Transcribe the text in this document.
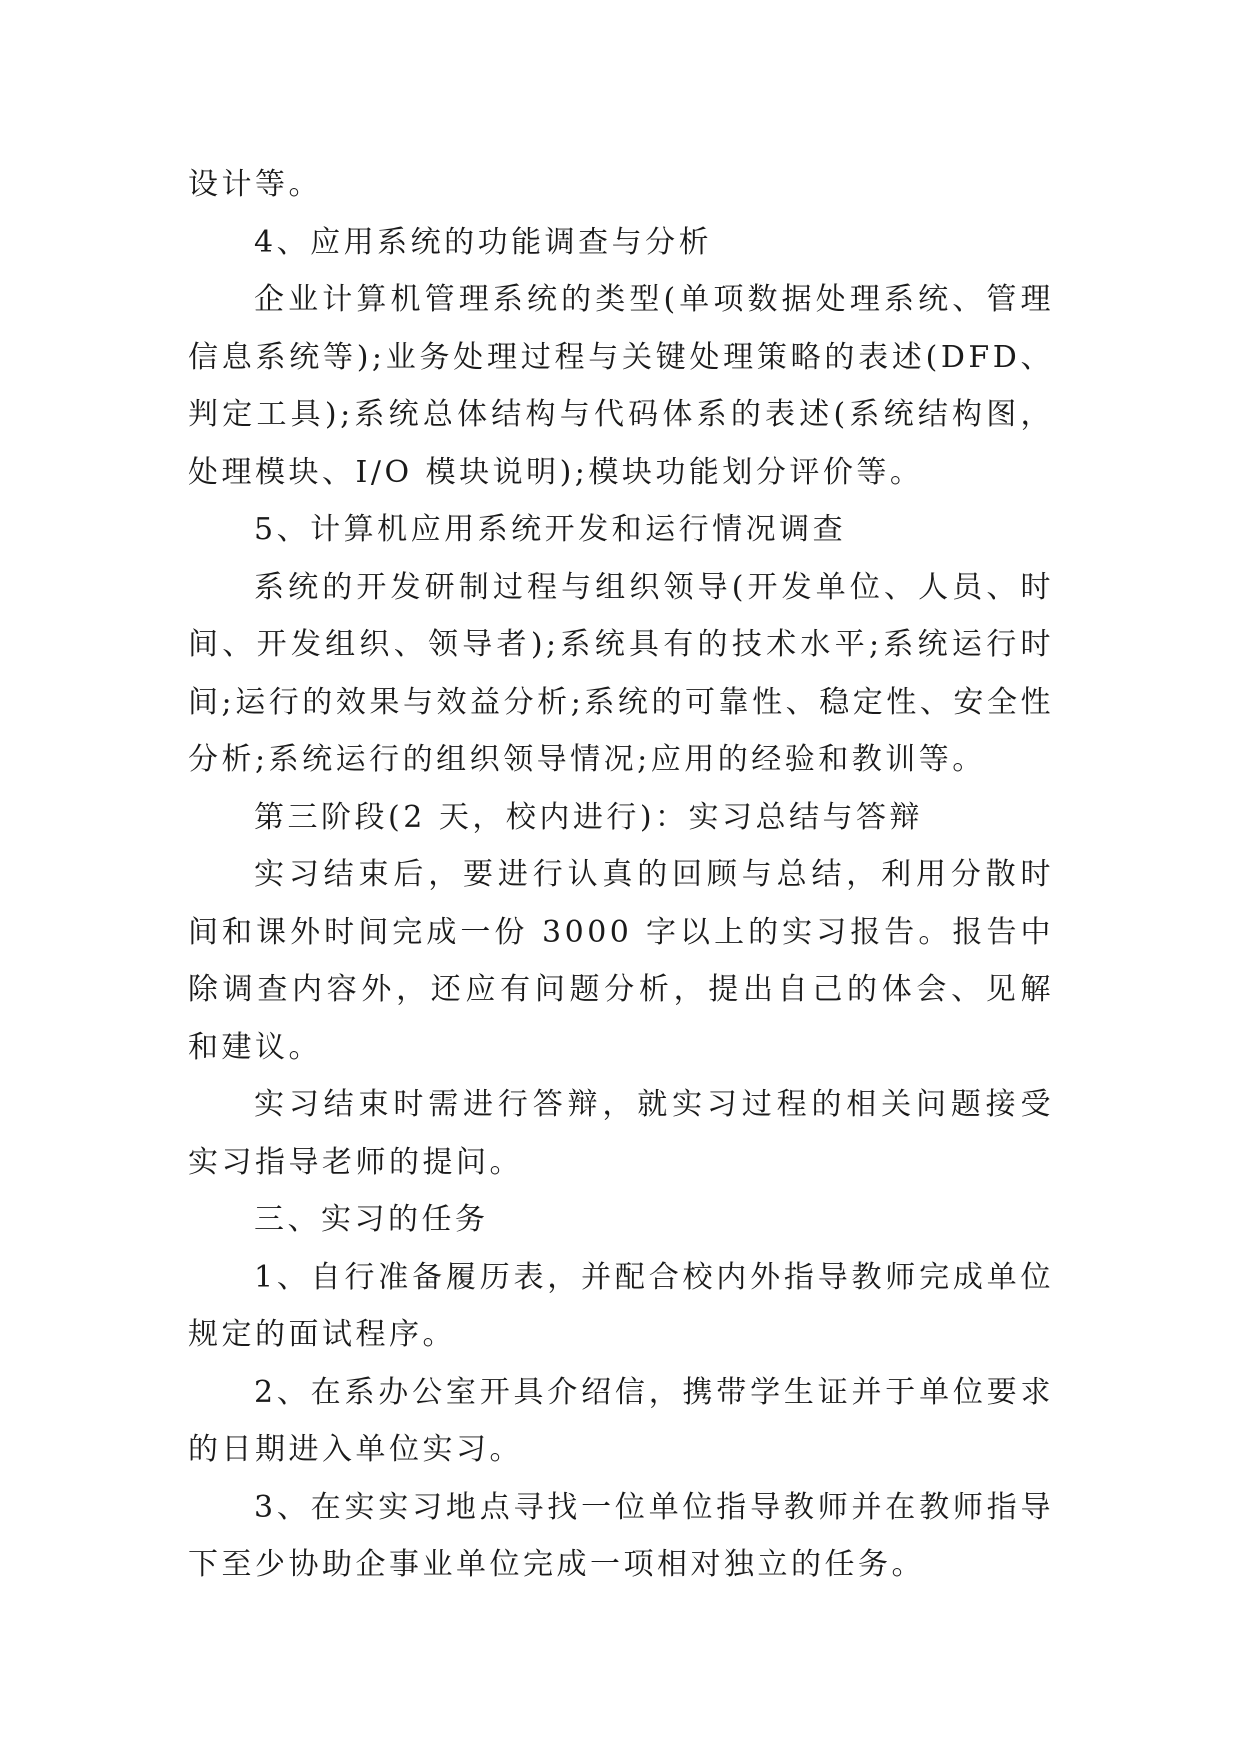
设计等。

4、应用系统的功能调查与分析

企业计算机管理系统的类型(单项数据处理系统、管理信息系统等);业务处理过程与关键处理策略的表述(DFD、判定工具);系统总体结构与代码体系的表述(系统结构图，处理模块、I/O 模块说明);模块功能划分评价等。

5、计算机应用系统开发和运行情况调查

系统的开发研制过程与组织领导(开发单位、人员、时间、开发组织、领导者);系统具有的技术水平;系统运行时间;运行的效果与效益分析;系统的可靠性、稳定性、安全性分析;系统运行的组织领导情况;应用的经验和教训等。

第三阶段(2 天，校内进行)：实习总结与答辩

实习结束后，要进行认真的回顾与总结，利用分散时间和课外时间完成一份 3000 字以上的实习报告。报告中除调查内容外，还应有问题分析，提出自己的体会、见解和建议。

实习结束时需进行答辩，就实习过程的相关问题接受实习指导老师的提问。

三、实习的任务

1、自行准备履历表，并配合校内外指导教师完成单位规定的面试程序。

2、在系办公室开具介绍信，携带学生证并于单位要求的日期进入单位实习。

3、在实实习地点寻找一位单位指导教师并在教师指导下至少协助企事业单位完成一项相对独立的任务。
